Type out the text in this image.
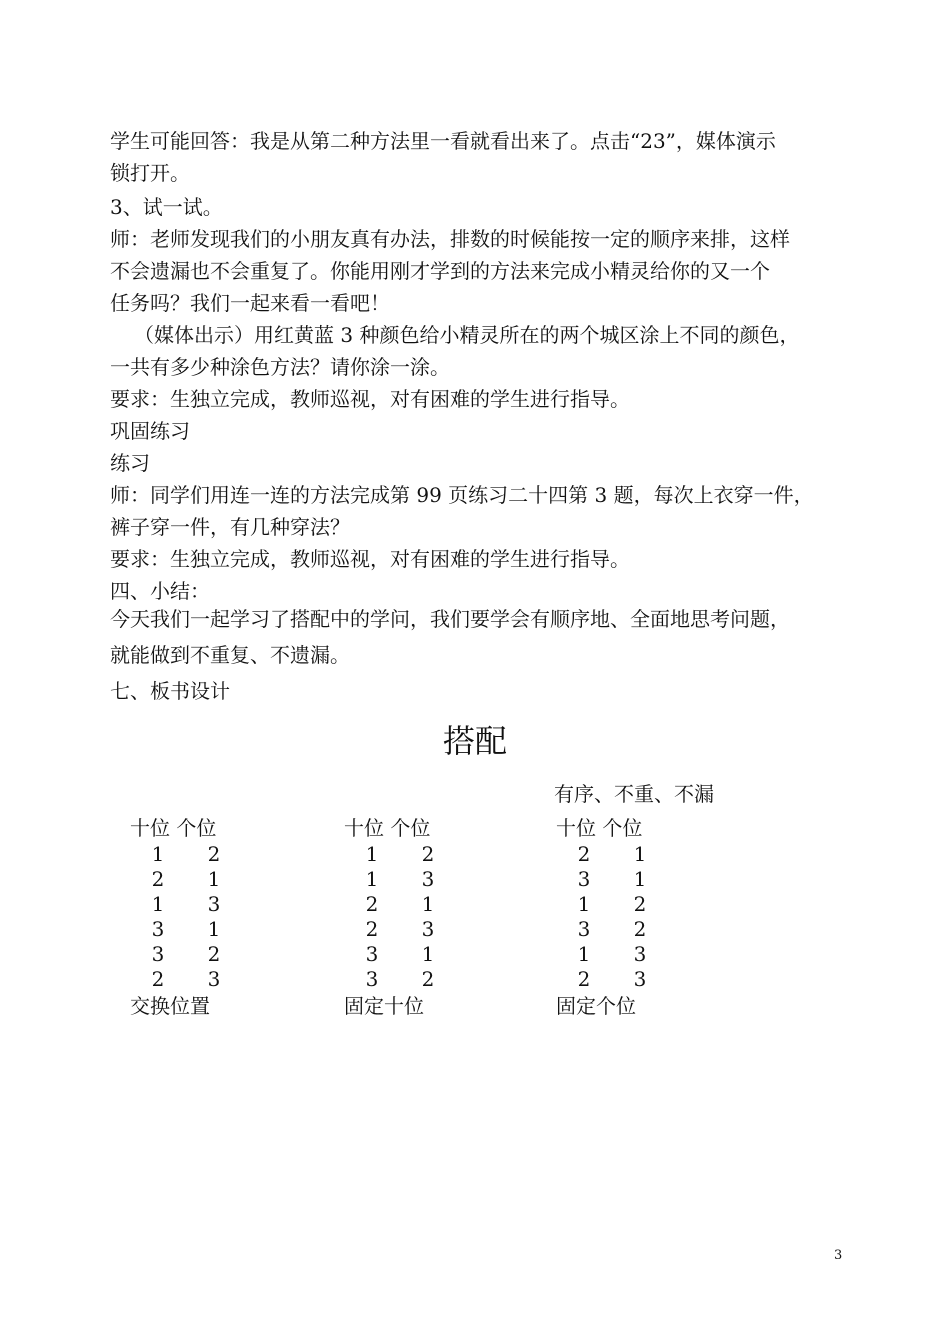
学生可能回答：我是从第二种方法里一看就看出来了。点击“23”，媒体演示
锁打开。
3、试一试。
师：老师发现我们的小朋友真有办法，排数的时候能按一定的顺序来排，这样
不会遗漏也不会重复了。你能用刚才学到的方法来完成小精灵给你的又一个
任务吗？我们一起来看一看吧！
（媒体出示）用红黄蓝 3 种颜色给小精灵所在的两个城区涂上不同的颜色，
一共有多少种涂色方法？请你涂一涂。
要求：生独立完成，教师巡视，对有困难的学生进行指导。
巩固练习
练习
师：同学们用连一连的方法完成第 99 页练习二十四第 3 题，每次上衣穿一件，
裤子穿一件，有几种穿法？
要求：生独立完成，教师巡视，对有困难的学生进行指导。
四、小结：
今天我们一起学习了搭配中的学问，我们要学会有顺序地、全面地思考问题，
就能做到不重复、不遗漏。
七、板书设计
搭配
有序、不重、不漏
十位 个位
1 2
2 1
1 3
3 1
3 2
2 3
交换位置
十位 个位
1 2
1 3
2 1
2 3
3 1
3 2
固定十位
十位 个位
2 1
3 1
1 2
3 2
1 3
2 3
固定个位
3
